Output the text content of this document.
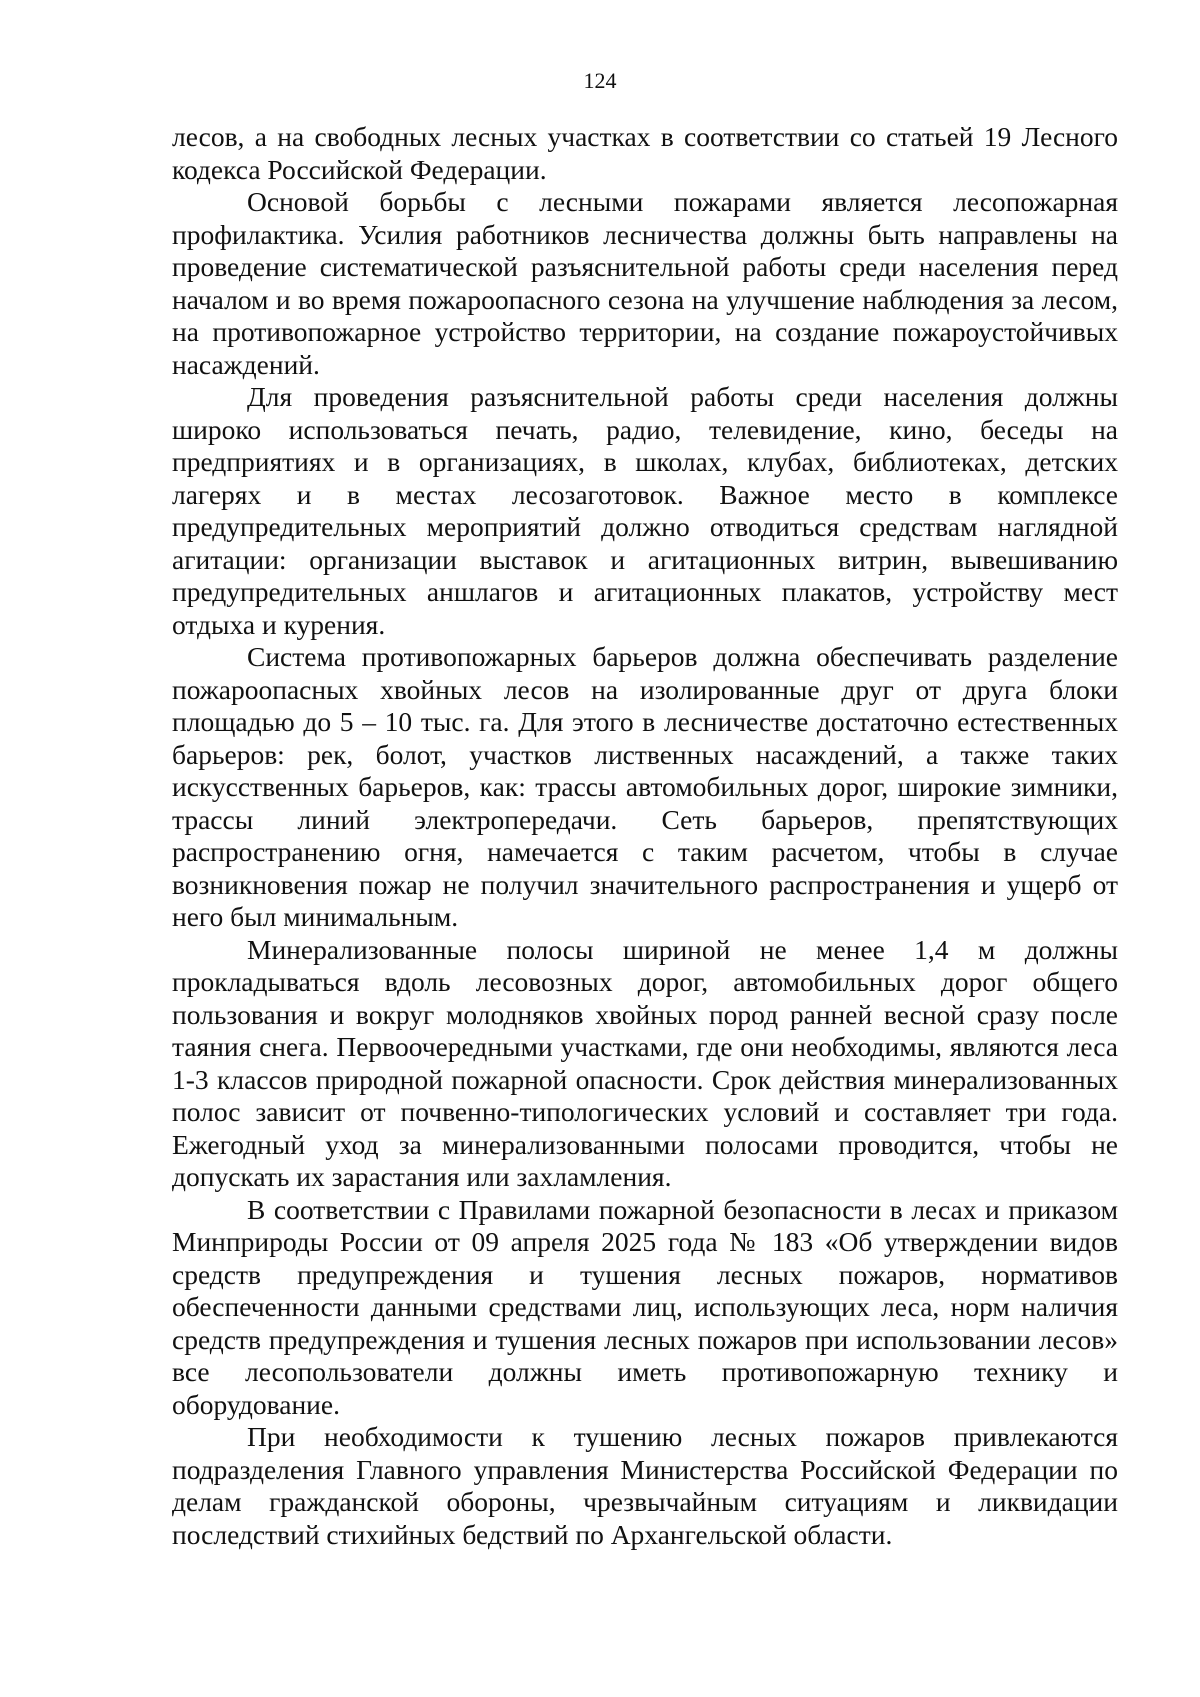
124

лесов, а на свободных лесных участках в соответствии со статьей 19 Лесного кодекса Российской Федерации.

Основой борьбы с лесными пожарами является лесопожарная профилактика. Усилия работников лесничества должны быть направлены на проведение систематической разъяснительной работы среди населения перед началом и во время пожароопасного сезона на улучшение наблюдения за лесом, на противопожарное устройство территории, на создание пожароустойчивых насаждений.

Для проведения разъяснительной работы среди населения должны широко использоваться печать, радио, телевидение, кино, беседы на предприятиях и в организациях, в школах, клубах, библиотеках, детских лагерях и в местах лесозаготовок. Важное место в комплексе предупредительных мероприятий должно отводиться средствам наглядной агитации: организации выставок и агитационных витрин, вывешиванию предупредительных аншлагов и агитационных плакатов, устройству мест отдыха и курения.

Система противопожарных барьеров должна обеспечивать разделение пожароопасных хвойных лесов на изолированные друг от друга блоки площадью до 5 – 10 тыс. га. Для этого в лесничестве достаточно естественных барьеров: рек, болот, участков лиственных насаждений, а также таких искусственных барьеров, как: трассы автомобильных дорог, широкие зимники, трассы линий электропередачи. Сеть барьеров, препятствующих распространению огня, намечается с таким расчетом, чтобы в случае возникновения пожар не получил значительного распространения и ущерб от него был минимальным.

Минерализованные полосы шириной не менее 1,4 м должны прокладываться вдоль лесовозных дорог, автомобильных дорог общего пользования и вокруг молодняков хвойных пород ранней весной сразу после таяния снега. Первоочередными участками, где они необходимы, являются леса 1-3 классов природной пожарной опасности. Срок действия минерализованных полос зависит от почвенно-типологических условий и составляет три года. Ежегодный уход за минерализованными полосами проводится, чтобы не допускать их зарастания или захламления.

В соответствии с Правилами пожарной безопасности в лесах и приказом Минприроды России от 09 апреля 2025 года № 183 «Об утверждении видов средств предупреждения и тушения лесных пожаров, нормативов обеспеченности данными средствами лиц, использующих леса, норм наличия средств предупреждения и тушения лесных пожаров при использовании лесов» все лесопользователи должны иметь противопожарную технику и оборудование.

При необходимости к тушению лесных пожаров привлекаются подразделения Главного управления Министерства Российской Федерации по делам гражданской обороны, чрезвычайным ситуациям и ликвидации последствий стихийных бедствий по Архангельской области.
